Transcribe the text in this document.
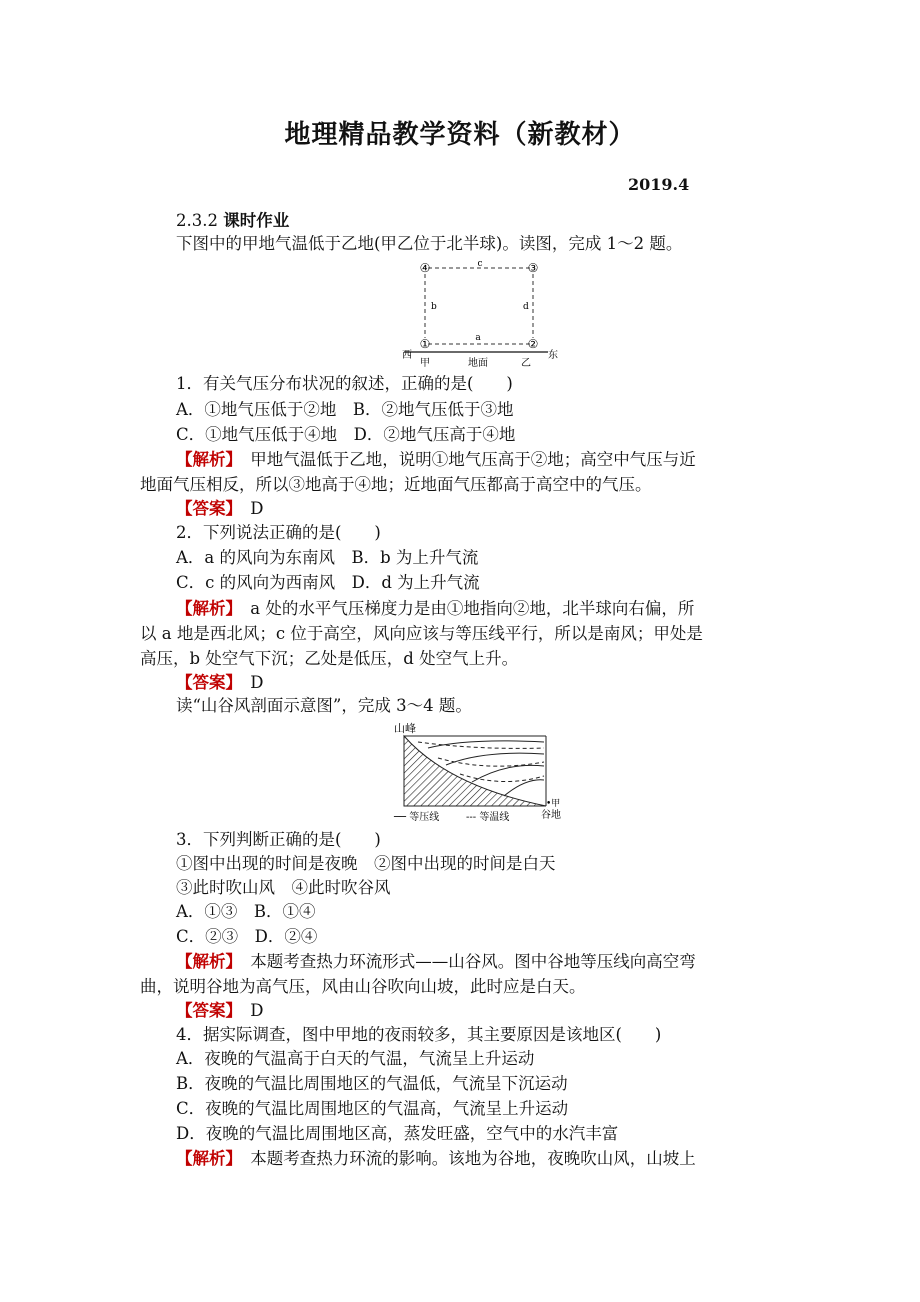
地理精品教学资料（新教材）
2019.4
2.3.2 课时作业
下图中的甲地气温低于乙地(甲乙位于北半球)。读图，完成 1～2 题。
④	③
①	②
c
b	d
a
西	东
甲	地面	乙
1．有关气压分布状况的叙述，正确的是(　　)
A．①地气压低于②地　B．②地气压低于③地
C．①地气压低于④地　D．②地气压高于④地
【解析】　甲地气温低于乙地，说明①地气压高于②地；高空中气压与近
地面气压相反，所以③地高于④地；近地面气压都高于高空中的气压。
【答案】　D
2．下列说法正确的是(　　)
A．a 的风向为东南风　B．b 为上升气流
C．c 的风向为西南风　D．d 为上升气流
【解析】　a 处的水平气压梯度力是由①地指向②地，北半球向右偏，所
以 a 地是西北风；c 位于高空，风向应该与等压线平行，所以是南风；甲处是
高压，b 处空气下沉；乙处是低压，d 处空气上升。
【答案】　D
读“山谷风剖面示意图”，完成 3～4 题。
山峰
•甲
谷地
── 等压线	--- 等温线
3．下列判断正确的是(　　)
①图中出现的时间是夜晚　②图中出现的时间是白天
③此时吹山风　④此时吹谷风
A．①③　B．①④
C．②③　D．②④
【解析】　本题考查热力环流形式——山谷风。图中谷地等压线向高空弯
曲，说明谷地为高气压，风由山谷吹向山坡，此时应是白天。
【答案】　D
4．据实际调查，图中甲地的夜雨较多，其主要原因是该地区(　　)
A．夜晚的气温高于白天的气温，气流呈上升运动
B．夜晚的气温比周围地区的气温低，气流呈下沉运动
C．夜晚的气温比周围地区的气温高，气流呈上升运动
D．夜晚的气温比周围地区高，蒸发旺盛，空气中的水汽丰富
【解析】　本题考查热力环流的影响。该地为谷地，夜晚吹山风，山坡上
